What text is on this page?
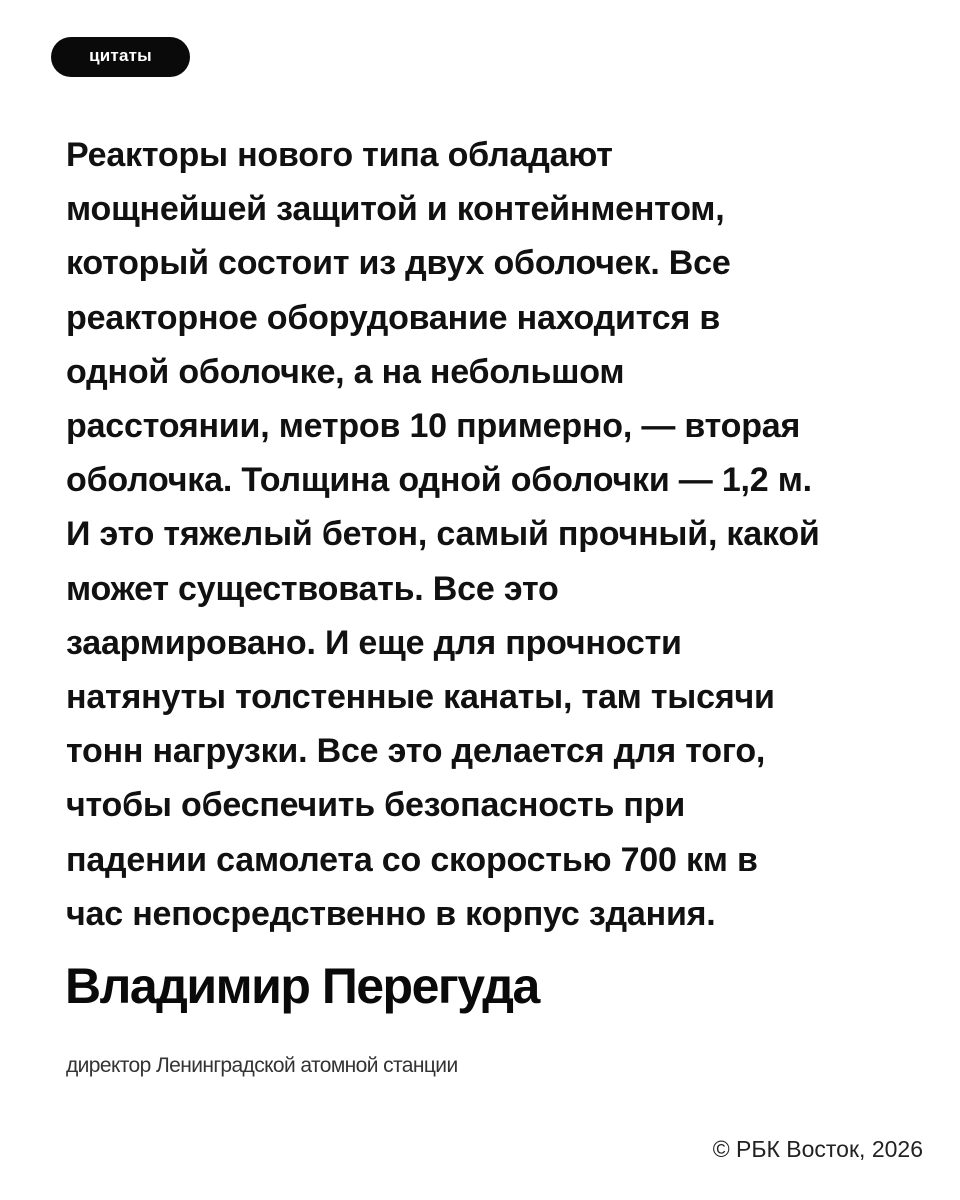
цитаты

Реакторы нового типа обладают
мощнейшей защитой и контейнментом,
который состоит из двух оболочек. Все
реакторное оборудование находится в
одной оболочке, а на небольшом
расстоянии, метров 10 примерно, — вторая
оболочка. Толщина одной оболочки — 1,2 м.
И это тяжелый бетон, самый прочный, какой
может существовать. Все это
заармировано. И еще для прочности
натянуты толстенные канаты, там тысячи
тонн нагрузки. Все это делается для того,
чтобы обеспечить безопасность при
падении самолета со скоростью 700 км в
час непосредственно в корпус здания.

Владимир Перегуда

директор Ленинградской атомной станции

© РБК Восток, 2026
